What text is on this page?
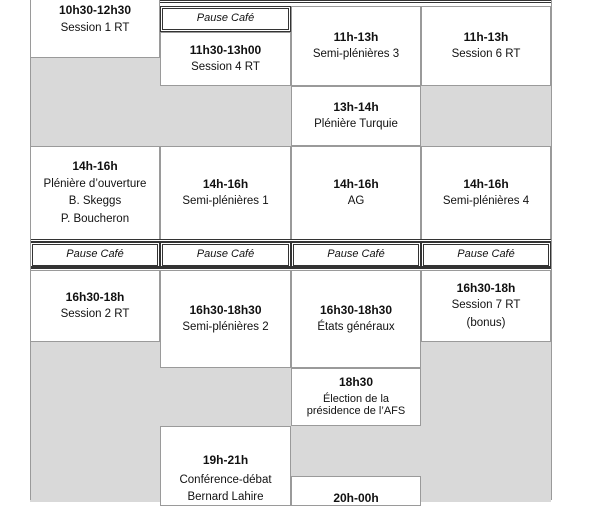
10h30-12h30
Session 1 RT
14h-16h
Plénière d’ouverture
B. Skeggs
P. Boucheron
Pause Café
16h30-18h
Session 2 RT
Pause Café
11h30-13h00
Session 4 RT
14h-16h
Semi-plénières 1
Pause Café
16h30-18h30
Semi-plénières 2
19h-21h
Conférence-débat
Bernard Lahire
11h-13h
Semi-plénières 3
13h-14h
Plénière Turquie
14h-16h
AG
Pause Café
16h30-18h30
États généraux
18h30
Élection de la
présidence de l’AFS
20h-00h
11h-13h
Session 6 RT
14h-16h
Semi-plénières 4
Pause Café
16h30-18h
Session 7 RT
(bonus)
